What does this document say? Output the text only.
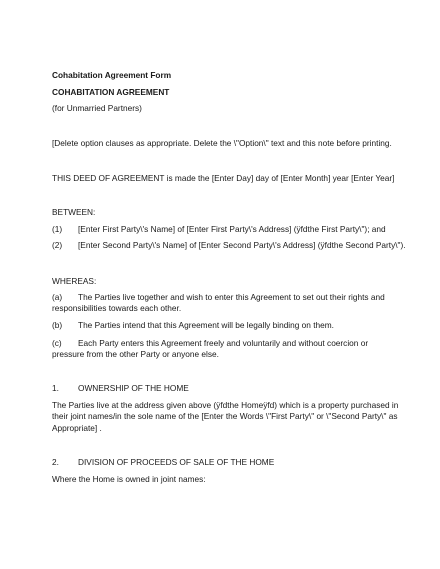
Cohabitation Agreement Form
COHABITATION AGREEMENT
(for Unmarried Partners)
[Delete option clauses as appropriate. Delete the \"Option\" text and this note before printing.
THIS DEED OF AGREEMENT is made the [Enter Day] day of [Enter Month] year [Enter Year]
BETWEEN:
(1) [Enter First Party\'s Name] of [Enter First Party\'s Address] (ÿfdthe First Party\"); and
(2) [Enter Second Party\'s Name] of [Enter Second Party\'s Address] (ÿfdthe Second Party\").
WHEREAS:
(a) The Parties live together and wish to enter this Agreement to set out their rights and
responsibilities towards each other.
(b) The Parties intend that this Agreement will be legally binding on them.
(c) Each Party enters this Agreement freely and voluntarily and without coercion or
pressure from the other Party or anyone else.
1. OWNERSHIP OF THE HOME
The Parties live at the address given above (ÿfdthe Homeÿfd) which is a property purchased in
their joint names/in the sole name of the [Enter the Words \"First Party\" or \"Second Party\" as
Appropriate] .
2. DIVISION OF PROCEEDS OF SALE OF THE HOME
Where the Home is owned in joint names:
